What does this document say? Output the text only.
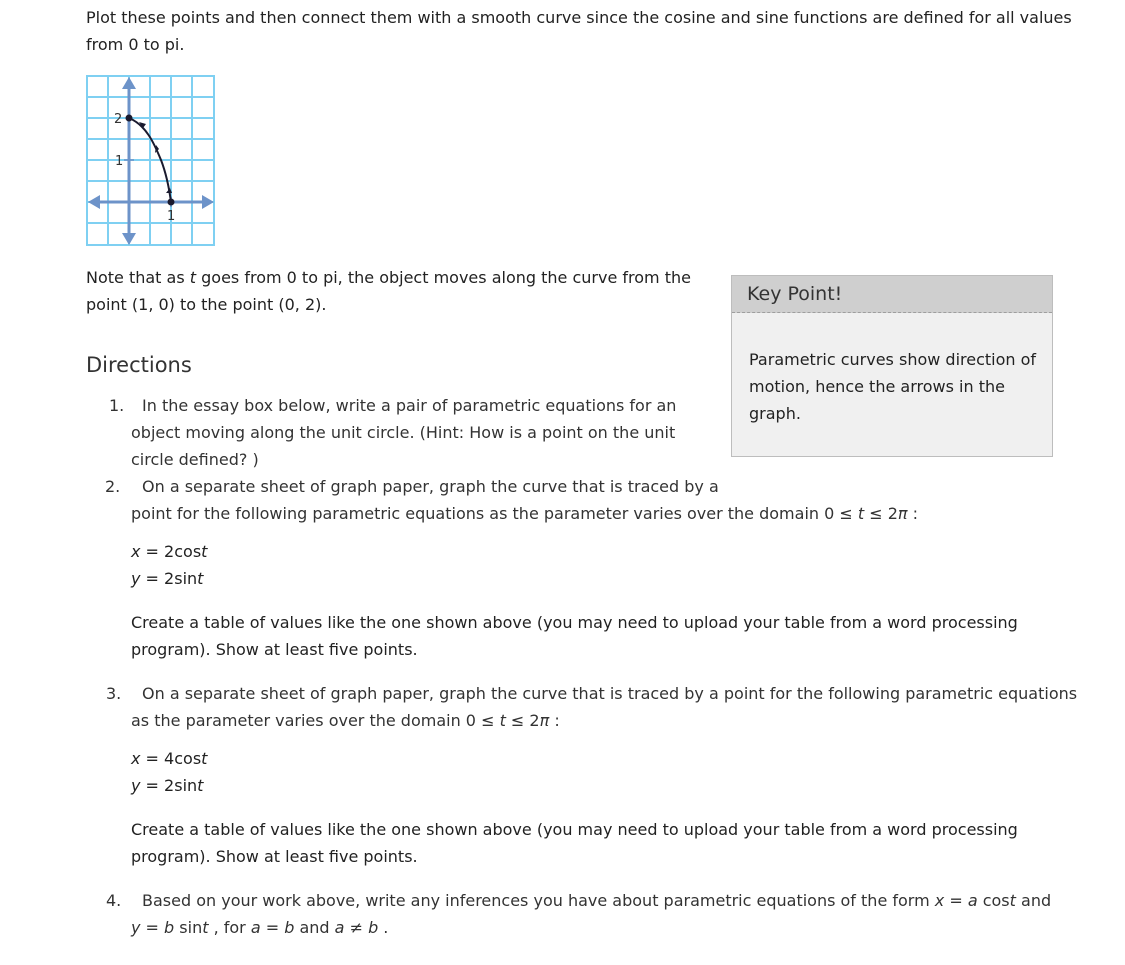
Plot these points and then connect them with a smooth curve since the cosine and sine functions are defined for all values
from 0 to pi.
2
1
1
Note that as t goes from 0 to pi, the object moves along the curve from the
point (1, 0) to the point (0, 2).	Key Point!
Parametric curves show direction of
motion, hence the arrows in the
graph.
Directions
1. In the essay box below, write a pair of parametric equations for an
object moving along the unit circle. (Hint: How is a point on the unit
circle defined? )
2. On a separate sheet of graph paper, graph the curve that is traced by a
point for the following parametric equations as the parameter varies over the domain 0 ≤ t ≤ 2π :
x = 2cost
y = 2sint
Create a table of values like the one shown above (you may need to upload your table from a word processing
program). Show at least five points.
3. On a separate sheet of graph paper, graph the curve that is traced by a point for the following parametric equations
as the parameter varies over the domain 0 ≤ t ≤ 2π :
x = 4cost
y = 2sint
Create a table of values like the one shown above (you may need to upload your table from a word processing
program). Show at least five points.
4. Based on your work above, write any inferences you have about parametric equations of the form x = a cost and
y = b sint , for a = b and a ≠ b .
